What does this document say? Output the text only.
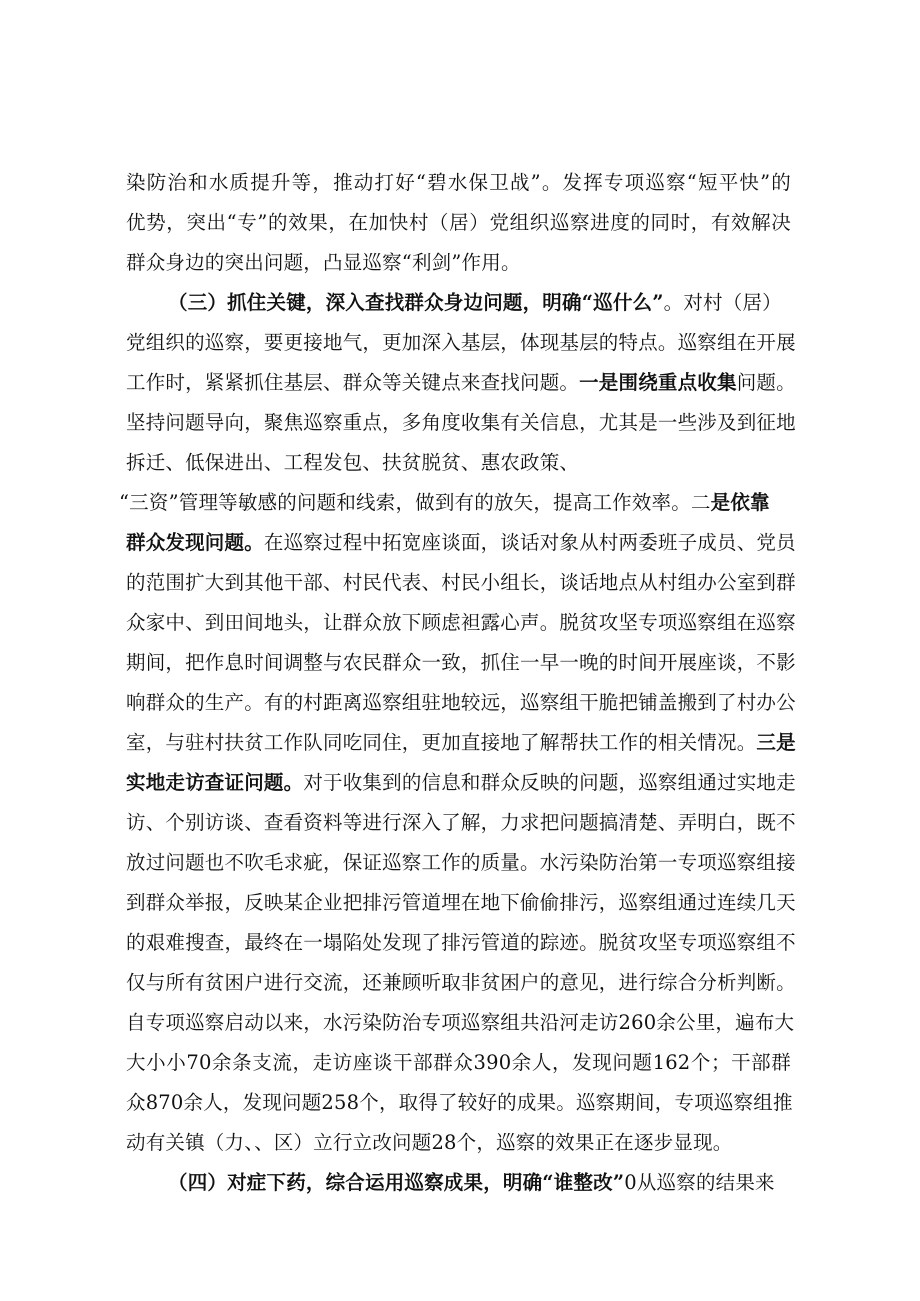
染防治和水质提升等，推动打好“碧水保卫战”。发挥专项巡察“短平快”的
优势，突出“专”的效果，在加快村（居）党组织巡察进度的同时，有效解决
群众身边的突出问题，凸显巡察“利剑”作用。
（三）抓住关键，深入查找群众身边问题，明确“巡什么”。对村（居）
党组织的巡察，要更接地气，更加深入基层，体现基层的特点。巡察组在开展
工作时，紧紧抓住基层、群众等关键点来查找问题。一是围绕重点收集问题。
坚持问题导向，聚焦巡察重点，多角度收集有关信息，尤其是一些涉及到征地
拆迁、低保进出、工程发包、扶贫脱贫、惠农政策、
“三资”管理等敏感的问题和线索，做到有的放矢，提高工作效率。二是依靠
群众发现问题。在巡察过程中拓宽座谈面，谈话对象从村两委班子成员、党员
的范围扩大到其他干部、村民代表、村民小组长，谈话地点从村组办公室到群
众家中、到田间地头，让群众放下顾虑袒露心声。脱贫攻坚专项巡察组在巡察
期间，把作息时间调整与农民群众一致，抓住一早一晚的时间开展座谈，不影
响群众的生产。有的村距离巡察组驻地较远，巡察组干脆把铺盖搬到了村办公
室，与驻村扶贫工作队同吃同住，更加直接地了解帮扶工作的相关情况。三是
实地走访查证问题。对于收集到的信息和群众反映的问题，巡察组通过实地走
访、个别访谈、查看资料等进行深入了解，力求把问题搞清楚、弄明白，既不
放过问题也不吹毛求疵，保证巡察工作的质量。水污染防治第一专项巡察组接
到群众举报，反映某企业把排污管道埋在地下偷偷排污，巡察组通过连续几天
的艰难搜查，最终在一塌陷处发现了排污管道的踪迹。脱贫攻坚专项巡察组不
仅与所有贫困户进行交流，还兼顾听取非贫困户的意见，进行综合分析判断。
自专项巡察启动以来，水污染防治专项巡察组共沿河走访260余公里，遍布大
大小小70余条支流，走访座谈干部群众390余人，发现问题162个；干部群
众870余人，发现问题258个，取得了较好的成果。巡察期间，专项巡察组推
动有关镇（力、、区）立行立改问题28个，巡察的效果正在逐步显现。
（四）对症下药，综合运用巡察成果，明确“谁整改”0从巡察的结果来
